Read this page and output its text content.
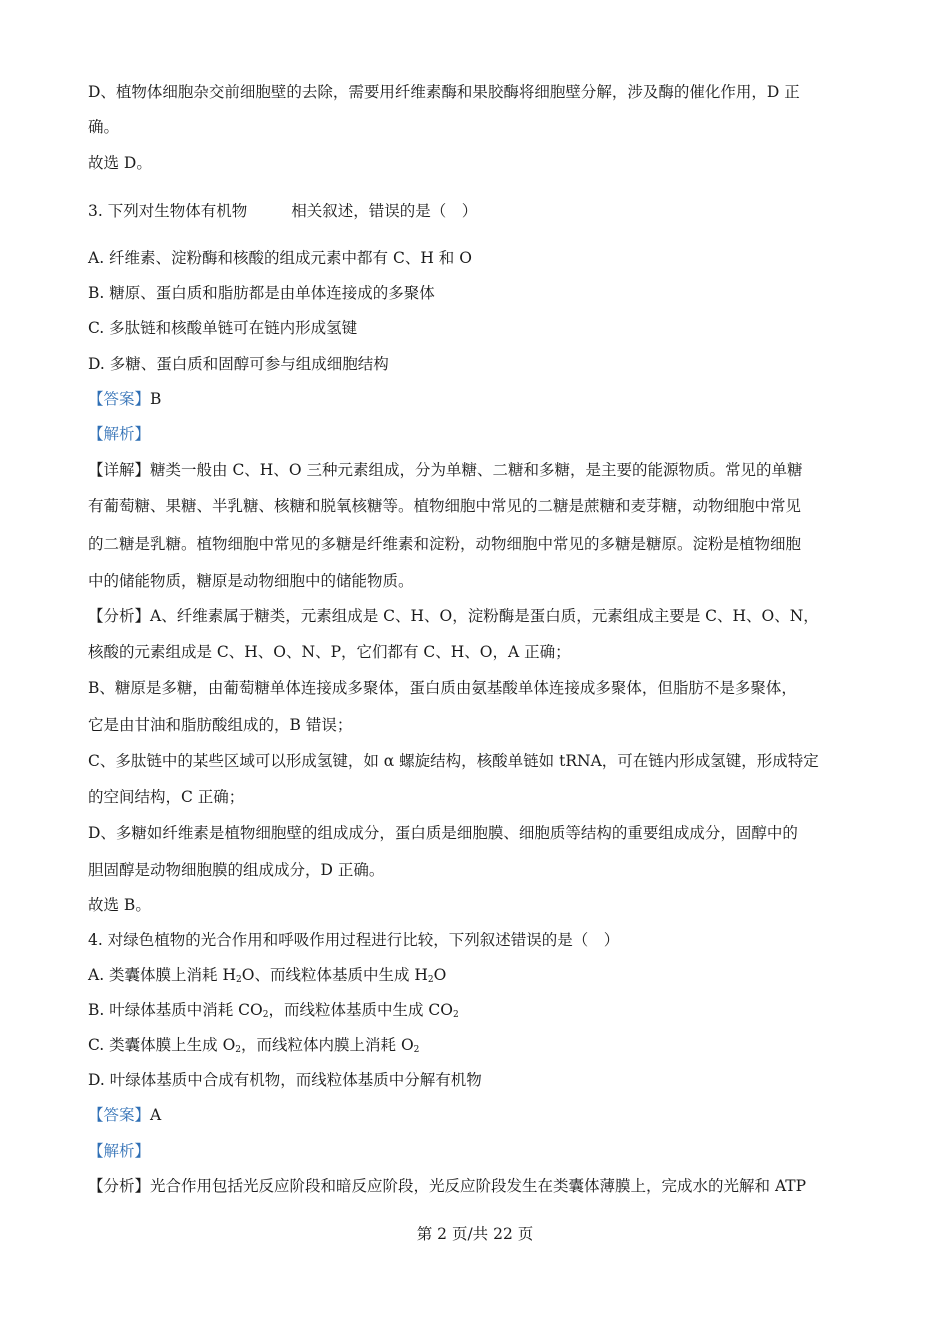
D、植物体细胞杂交前细胞壁的去除，需要用纤维素酶和果胶酶将细胞壁分解，涉及酶的催化作用，D 正
确。
故选 D。
3. 下列对生物体有机物	相关叙述，错误的是（　）
A. 纤维素、淀粉酶和核酸的组成元素中都有 C、H 和 O
B. 糖原、蛋白质和脂肪都是由单体连接成的多聚体
C. 多肽链和核酸单链可在链内形成氢键
D. 多糖、蛋白质和固醇可参与组成细胞结构
【答案】B
【解析】
【详解】糖类一般由 C、H、O 三种元素组成，分为单糖、二糖和多糖，是主要的能源物质。常见的单糖
有葡萄糖、果糖、半乳糖、核糖和脱氧核糖等。植物细胞中常见的二糖是蔗糖和麦芽糖，动物细胞中常见
的二糖是乳糖。植物细胞中常见的多糖是纤维素和淀粉，动物细胞中常见的多糖是糖原。淀粉是植物细胞
中的储能物质，糖原是动物细胞中的储能物质。
【分析】A、纤维素属于糖类，元素组成是 C、H、O，淀粉酶是蛋白质，元素组成主要是 C、H、O、N，
核酸的元素组成是 C、H、O、N、P，它们都有 C、H、O，A 正确；
B、糖原是多糖，由葡萄糖单体连接成多聚体，蛋白质由氨基酸单体连接成多聚体，但脂肪不是多聚体，
它是由甘油和脂肪酸组成的，B 错误；
C、多肽链中的某些区域可以形成氢键，如 α 螺旋结构，核酸单链如 tRNA，可在链内形成氢键，形成特定
的空间结构，C 正确；
D、多糖如纤维素是植物细胞壁的组成成分，蛋白质是细胞膜、细胞质等结构的重要组成成分，固醇中的
胆固醇是动物细胞膜的组成成分，D 正确。
故选 B。
4. 对绿色植物的光合作用和呼吸作用过程进行比较，下列叙述错误的是（　）
A. 类囊体膜上消耗 $H_2O$、而线粒体基质中生成 $H_2O$
B. 叶绿体基质中消耗 $CO_2$，而线粒体基质中生成 $CO_2$
C. 类囊体膜上生成 $O_2$，而线粒体内膜上消耗 $O_2$
D. 叶绿体基质中合成有机物，而线粒体基质中分解有机物
【答案】A
【解析】
【分析】光合作用包括光反应阶段和暗反应阶段，光反应阶段发生在类囊体薄膜上，完成水的光解和 ATP
第 2 页/共 22 页
